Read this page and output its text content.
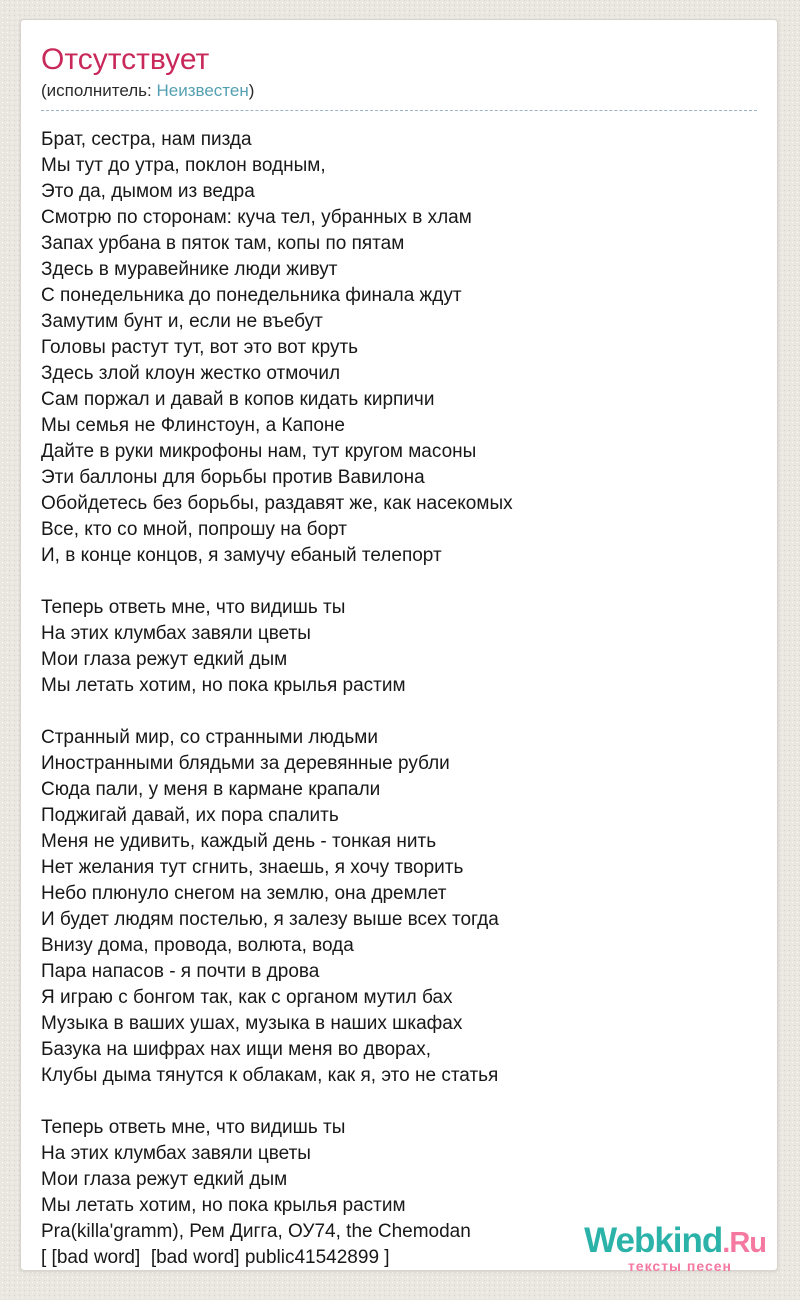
Отсутствует
(исполнитель: Неизвестен)
Брат, сестра, нам пизда
Мы тут до утра, поклон водным,
Это да, дымом из ведра
Смотрю по сторонам: куча тел, убранных в хлам
Запах урбана в пяток там, копы по пятам
Здесь в муравейнике люди живут
С понедельника до понедельника финала ждут
Замутим бунт и, если не въебут
Головы растут тут, вот это вот круть
Здесь злой клоун жестко отмочил
Сам поржал и давай в копов кидать кирпичи
Мы семья не Флинстоун, а Капоне
Дайте в руки микрофоны нам, тут кругом масоны
Эти баллоны для борьбы против Вавилона
Обойдетесь без борьбы, раздавят же, как насекомых
Все, кто со мной, попрошу на борт
И, в конце концов, я замучу ебаный телепорт

Теперь ответь мне, что видишь ты
На этих клумбах завяли цветы
Мои глаза режут едкий дым
Мы летать хотим, но пока крылья растим

Странный мир, со странными людьми
Иностранными блядьми за деревянные рубли
Сюда пали, у меня в кармане крапали
Поджигай давай, их пора спалить
Меня не удивить, каждый день - тонкая нить
Нет желания тут сгнить, знаешь, я хочу творить
Небо плюнуло снегом на землю, она дремлет
И будет людям постелью, я залезу выше всех тогда
Внизу дома, провода, волюта, вода
Пара напасов - я почти в дрова
Я играю с бонгом так, как с органом мутил бах
Музыка в ваших ушах, музыка в наших шкафах
Базука на шифрах нах ищи меня во дворах,
Клубы дыма тянутся к облакам, как я, это не статья

Теперь ответь мне, что видишь ты
На этих клумбах завяли цветы
Мои глаза режут едкий дым
Мы летать хотим, но пока крылья растим
Pra(killa'gramm), Рем Дигга, ОУ74, the Chemodan
[ [bad word]  [bad word] public41542899 ]	Webkind.Ru
тексты песен
